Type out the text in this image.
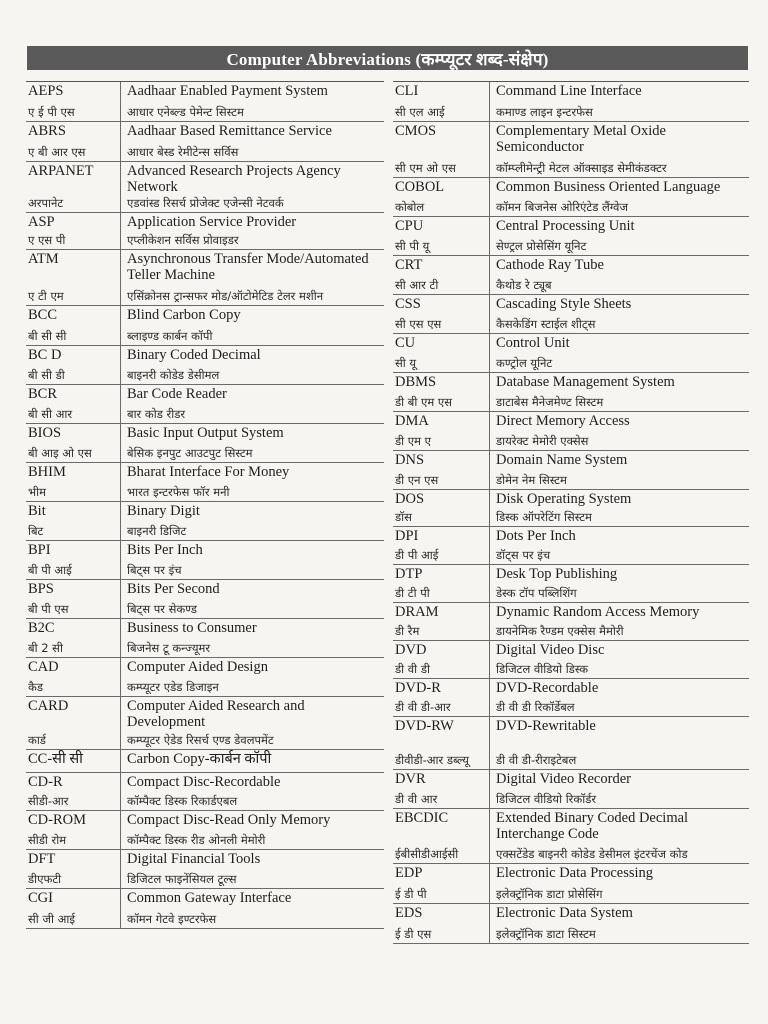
Computer Abbreviations (कम्प्यूटर शब्द-संक्षेप)
AEPS
ए ई पी एस
Aadhaar Enabled Payment System
आधार एनेब्ल्ड पेमेन्ट सिस्टम
ABRS
ए बी आर एस
Aadhaar Based Remittance Service
आधार बेस्ड रेमीटेन्स सर्विस
ARPANET
अरपानेट
Advanced Research Projects Agency Network
एडवांस्ड रिसर्च प्रोजेक्ट एजेन्सी नेटवर्क
ASP
ए एस पी
Application Service Provider
एप्लीकेशन सर्विस प्रोवाइडर
ATM
ए टी एम
Asynchronous Transfer Mode/Automated Teller Machine
एसिंक्रोनस ट्रान्सफर मोड/ऑटोमेटिड टेलर मशीन
BCC
बी सी सी
Blind Carbon Copy
ब्लाइण्ड कार्बन कॉपी
BC D
बी सी डी
Binary Coded Decimal
बाइनरी कोडेड डेसीमल
BCR
बी सी आर
Bar Code Reader
बार कोड रीडर
BIOS
बी आइ ओ एस
Basic Input Output System
बेसिक इनपुट आउटपुट सिस्टम
BHIM
भीम
Bharat Interface For Money
भारत इन्टरफेस फॉर मनी
Bit
बिट
Binary Digit
बाइनरी डिजिट
BPI
बी पी आई
Bits Per Inch
बिट्स पर इंच
BPS
बी पी एस
Bits Per Second
बिट्स पर सेकण्ड
B2C
बी 2 सी
Business to Consumer
बिजनेस टू कन्ज्यूमर
CAD
कैड
Computer Aided Design
कम्प्यूटर एडेड डिजाइन
CARD
कार्ड
Computer Aided Research and Development
कम्प्यूटर ऐडेड रिसर्च एण्ड डेवलपमेंट
CC-सी सी	Carbon Copy-कार्बन कॉपी
CD-R
सीडी-आर
Compact Disc-Recordable
कॉम्पैक्ट डिस्क रिकार्डएबल
CD-ROM
सीडी रोम
Compact Disc-Read Only Memory
कॉम्पैक्ट डिस्क रीड ओनली मेमोरी
DFT
डीएफटी
Digital Financial Tools
डिजिटल फाइनेंसियल टूल्स
CGI
सी जी आई
Common Gateway Interface
कॉमन गेटवे इण्टरफेस
CLI
सी एल आई
Command Line Interface
कमाण्ड लाइन इन्टरफेस
CMOS
सी एम ओ एस
Complementary Metal Oxide Semiconductor
कॉम्प्लीमेन्ट्री मेटल ऑक्साइड सेमीकंडक्टर
COBOL
कोबोल
Common Business Oriented Language
कॉमन बिजनेस ओरिएंटेड लैंग्वेज
CPU
सी पी यू
Central Processing Unit
सेण्ट्रल प्रोसेसिंग यूनिट
CRT
सी आर टी
Cathode Ray Tube
कैथोड रे ट्यूब
CSS
सी एस एस
Cascading Style Sheets
कैसकेडिंग स्टाईल शीट्स
CU
सी यू
Control Unit
कण्ट्रोल यूनिट
DBMS
डी बी एम एस
Database Management System
डाटाबेस मैनेजमेण्ट सिस्टम
DMA
डी एम ए
Direct Memory Access
डायरेक्ट मेमोरी एक्सेस
DNS
डी एन एस
Domain Name System
डोमेन नेम सिस्टम
DOS
डॉस
Disk Operating System
डिस्क ऑपरेटिंग सिस्टम
DPI
डी पी आई
Dots Per Inch
डॉट्स पर इंच
DTP
डी टी पी
Desk Top Publishing
डेस्क टॉप पब्लिशिंग
DRAM
डी रैम
Dynamic Random Access Memory
डायनेमिक रैण्डम एक्सेस मैमोरी
DVD
डी वी डी
Digital Video Disc
डिजिटल वीडियो डिस्क
DVD-R
डी वी डी-आर
DVD-Recordable
डी वी डी रिकॉर्डेबल
DVD-RW
डीवीडी-आर डब्ल्यू
DVD-Rewritable
डी वी डी-रीराइटेबल
DVR
डी वी आर
Digital Video Recorder
डिजिटल वीडियो रिकॉर्डर
EBCDIC
ईबीसीडीआईसी
Extended Binary Coded Decimal Interchange Code
एक्सटेंडेड बाइनरी कोडेड डेसीमल इंटरचेंज कोड
EDP
ई डी पी
Electronic Data Processing
इलेक्ट्रॉनिक डाटा प्रोसेसिंग
EDS
ई डी एस
Electronic Data System
इलेक्ट्रॉनिक डाटा सिस्टम
